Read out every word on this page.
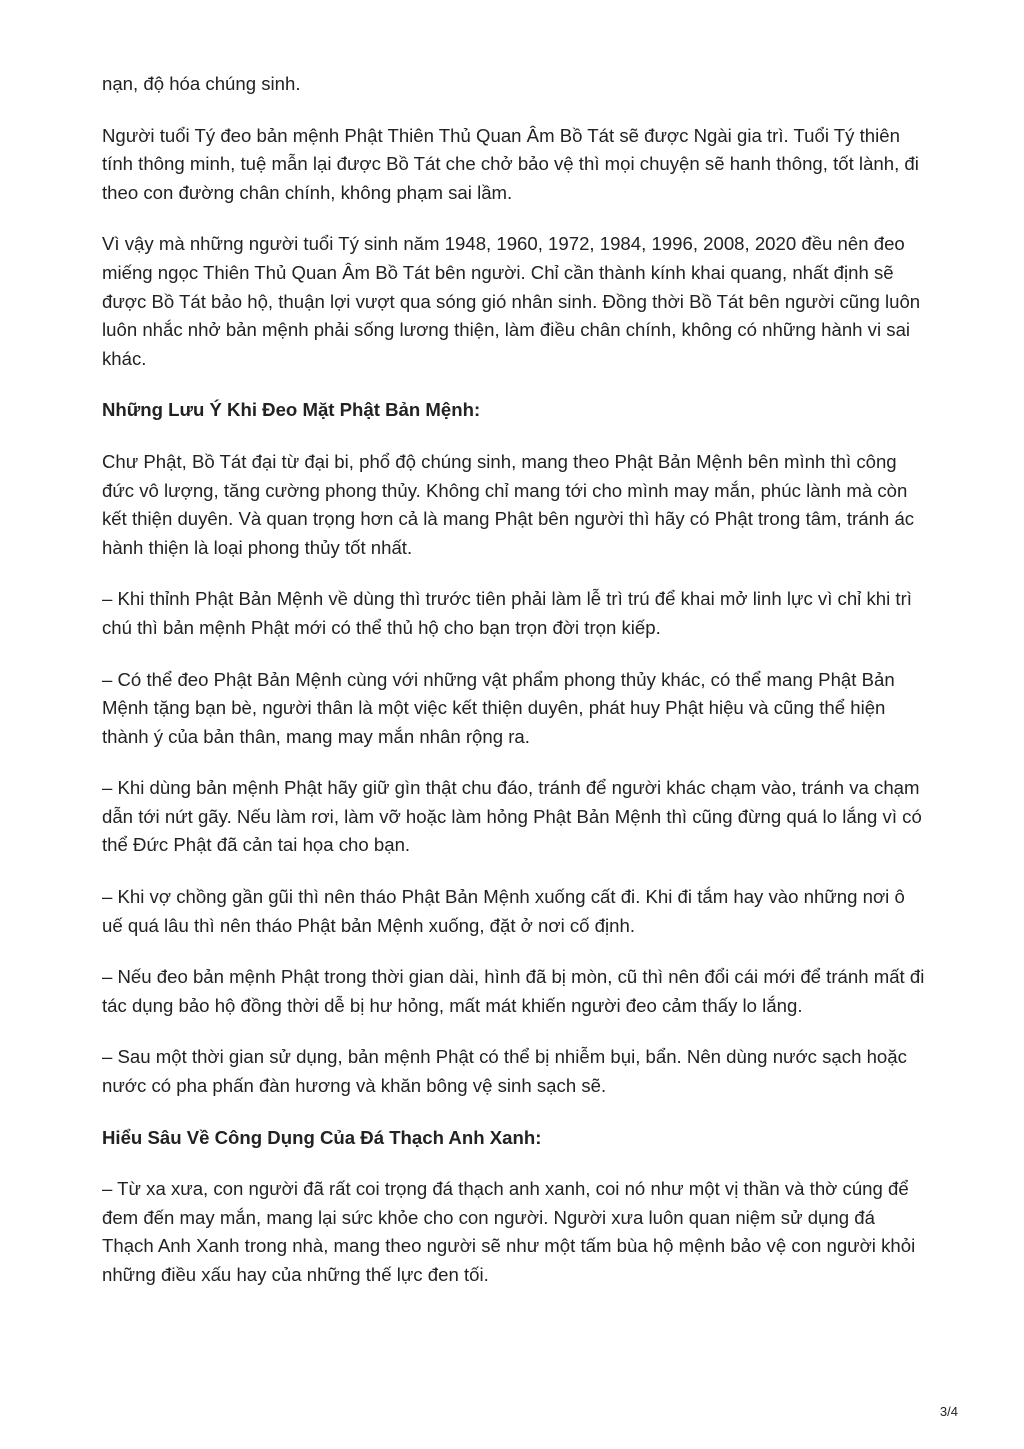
nạn, độ hóa chúng sinh.

Người tuổi Tý đeo bản mệnh Phật Thiên Thủ Quan Âm Bồ Tát sẽ được Ngài gia trì. Tuổi Tý thiên tính thông minh, tuệ mẫn lại được Bồ Tát che chở bảo vệ thì mọi chuyện sẽ hanh thông, tốt lành, đi theo con đường chân chính, không phạm sai lầm.

Vì vậy mà những người tuổi Tý sinh năm 1948, 1960, 1972, 1984, 1996, 2008, 2020 đều nên đeo miếng ngọc Thiên Thủ Quan Âm Bồ Tát bên người. Chỉ cần thành kính khai quang, nhất định sẽ được Bồ Tát bảo hộ, thuận lợi vượt qua sóng gió nhân sinh. Đồng thời Bồ Tát bên người cũng luôn luôn nhắc nhở bản mệnh phải sống lương thiện, làm điều chân chính, không có những hành vi sai khác.

Những Lưu Ý Khi Đeo Mặt Phật Bản Mệnh:

Chư Phật, Bồ Tát đại từ đại bi, phổ độ chúng sinh, mang theo Phật Bản Mệnh bên mình thì công đức vô lượng, tăng cường phong thủy. Không chỉ mang tới cho mình may mắn, phúc lành mà còn kết thiện duyên. Và quan trọng hơn cả là mang Phật bên người thì hãy có Phật trong tâm, tránh ác hành thiện là loại phong thủy tốt nhất.

– Khi thỉnh Phật Bản Mệnh về dùng thì trước tiên phải làm lễ trì trú để khai mở linh lực vì chỉ khi trì chú thì bản mệnh Phật mới có thể thủ hộ cho bạn trọn đời trọn kiếp.

– Có thể đeo Phật Bản Mệnh cùng với những vật phẩm phong thủy khác, có thể mang Phật Bản Mệnh tặng bạn bè, người thân là một việc kết thiện duyên, phát huy Phật hiệu và cũng thể hiện thành ý của bản thân, mang may mắn nhân rộng ra.

– Khi dùng bản mệnh Phật hãy giữ gìn thật chu đáo, tránh để người khác chạm vào, tránh va chạm dẫn tới nứt gãy. Nếu làm rơi, làm vỡ hoặc làm hỏng Phật Bản Mệnh thì cũng đừng quá lo lắng vì có thể Đức Phật đã cản tai họa cho bạn.

– Khi vợ chồng gần gũi thì nên tháo Phật Bản Mệnh xuống cất đi. Khi đi tắm hay vào những nơi ô uế quá lâu thì nên tháo Phật bản Mệnh xuống, đặt ở nơi cố định.

– Nếu đeo bản mệnh Phật trong thời gian dài, hình đã bị mòn, cũ thì nên đổi cái mới để tránh mất đi tác dụng bảo hộ đồng thời dễ bị hư hỏng, mất mát khiến người đeo cảm thấy lo lắng.

– Sau một thời gian sử dụng, bản mệnh Phật có thể bị nhiễm bụi, bẩn. Nên dùng nước sạch hoặc nước có pha phấn đàn hương và khăn bông vệ sinh sạch sẽ.

Hiểu Sâu Về Công Dụng Của Đá Thạch Anh Xanh:

– Từ xa xưa, con người đã rất coi trọng đá thạch anh xanh, coi nó như một vị thần và thờ cúng để đem đến may mắn, mang lại sức khỏe cho con người. Người xưa luôn quan niệm sử dụng đá Thạch Anh Xanh trong nhà, mang theo người sẽ như một tấm bùa hộ mệnh bảo vệ con người khỏi những điều xấu hay của những thế lực đen tối.

3/4
